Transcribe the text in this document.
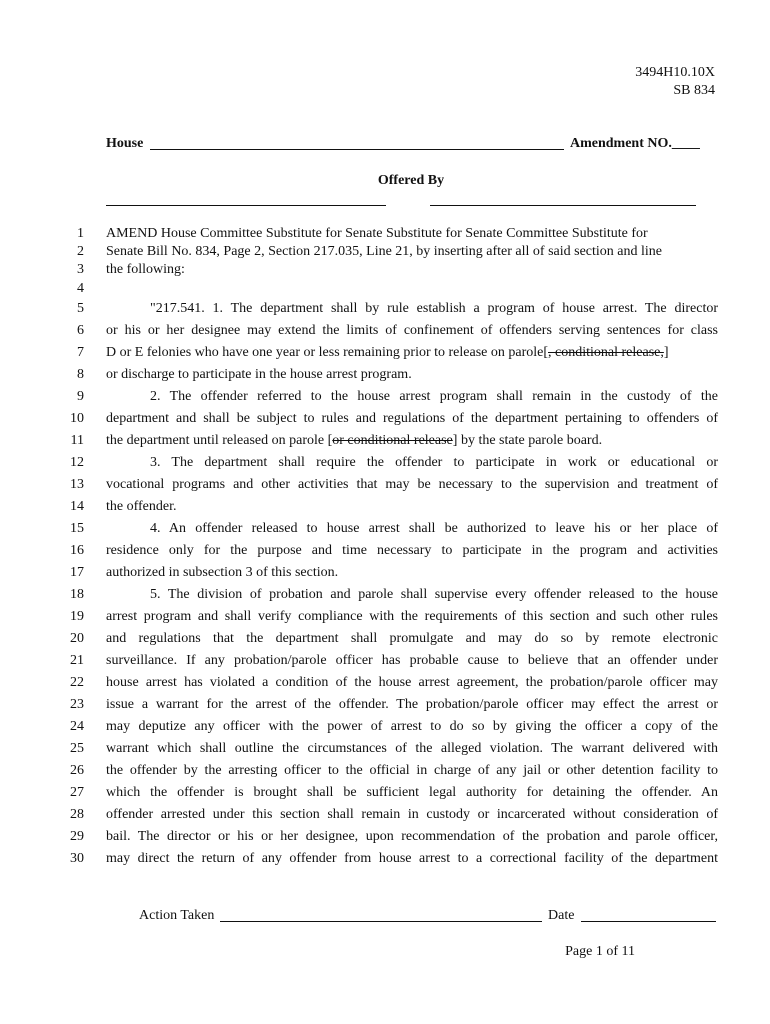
3494H10.10X
SB 834
House	Amendment NO.____
Offered By
1
2
3
4
5
6
7
8
9
10
11
12
13
14
15
16
17
18
19
20
21
22
23
24
25
26
27
28
29
30
AMEND House Committee Substitute for Senate Substitute for Senate Committee Substitute for
Senate Bill No. 834, Page 2, Section 217.035, Line 21, by inserting after all of said section and line
the following:
"217.541. 1. The department shall by rule establish a program of house arrest. The director
or his or her designee may extend the limits of confinement of offenders serving sentences for class
D or E felonies who have one year or less remaining prior to release on parole[, conditional release,]
or discharge to participate in the house arrest program.
2. The offender referred to the house arrest program shall remain in the custody of the
department and shall be subject to rules and regulations of the department pertaining to offenders of
the department until released on parole [or conditional release] by the state parole board.
3. The department shall require the offender to participate in work or educational or
vocational programs and other activities that may be necessary to the supervision and treatment of
the offender.
4. An offender released to house arrest shall be authorized to leave his or her place of
residence only for the purpose and time necessary to participate in the program and activities
authorized in subsection 3 of this section.
5. The division of probation and parole shall supervise every offender released to the house
arrest program and shall verify compliance with the requirements of this section and such other rules
and regulations that the department shall promulgate and may do so by remote electronic
surveillance. If any probation/parole officer has probable cause to believe that an offender under
house arrest has violated a condition of the house arrest agreement, the probation/parole officer may
issue a warrant for the arrest of the offender. The probation/parole officer may effect the arrest or
may deputize any officer with the power of arrest to do so by giving the officer a copy of the
warrant which shall outline the circumstances of the alleged violation. The warrant delivered with
the offender by the arresting officer to the official in charge of any jail or other detention facility to
which the offender is brought shall be sufficient legal authority for detaining the offender. An
offender arrested under this section shall remain in custody or incarcerated without consideration of
bail. The director or his or her designee, upon recommendation of the probation and parole officer,
may direct the return of any offender from house arrest to a correctional facility of the department
Action Taken	Date
Page 1 of 11
